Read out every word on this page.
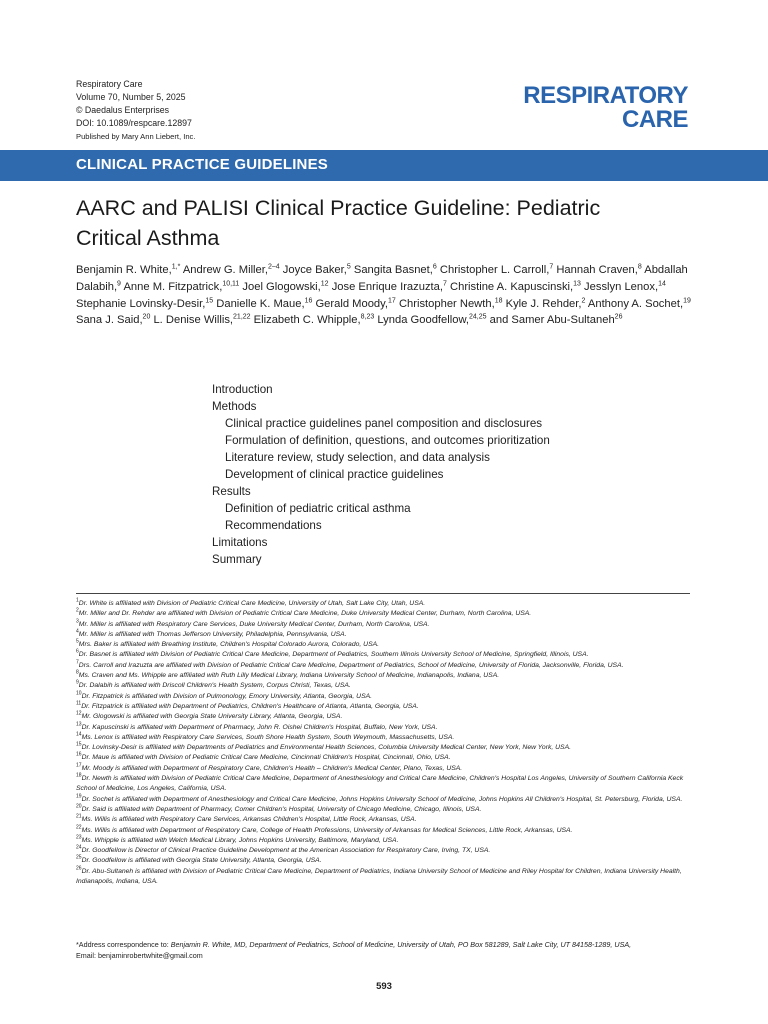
Respiratory Care
Volume 70, Number 5, 2025
© Daedalus Enterprises
DOI: 10.1089/respcare.12897
Published by Mary Ann Liebert, Inc.
RESPIRATORY
CARE
CLINICAL PRACTICE GUIDELINES
AARC and PALISI Clinical Practice Guideline: Pediatric
Critical Asthma
Benjamin R. White,$^{1,*}$ Andrew G. Miller,$^{2-4}$ Joyce Baker,$^5$ Sangita Basnet,$^6$ Christopher L. Carroll,$^7$ Hannah Craven,$^8$ Abdallah Dalabih,$^9$ Anne M. Fitzpatrick,$^{10,11}$ Joel Glogowski,$^{12}$ Jose Enrique Irazuzta,$^7$ Christine A. Kapuscinski,$^{13}$ Jesslyn Lenox,$^{14}$ Stephanie Lovinsky-Desir,$^{15}$ Danielle K. Maue,$^{16}$ Gerald Moody,$^{17}$ Christopher Newth,$^{18}$ Kyle J. Rehder,$^2$ Anthony A. Sochet,$^{19}$ Sana J. Said,$^{20}$ L. Denise Willis,$^{21,22}$ Elizabeth C. Whipple,$^{8,23}$ Lynda Goodfellow,$^{24,25}$ and Samer Abu-Sultaneh$^{26}$
Introduction
Methods
Clinical practice guidelines panel composition and disclosures
Formulation of definition, questions, and outcomes prioritization
Literature review, study selection, and data analysis
Development of clinical practice guidelines
Results
Definition of pediatric critical asthma
Recommendations
Limitations
Summary
$^1$Dr. White is affiliated with Division of Pediatric Critical Care Medicine, University of Utah, Salt Lake City, Utah, USA.
$^2$Mr. Miller and Dr. Rehder are affiliated with Division of Pediatric Critical Care Medicine, Duke University Medical Center, Durham, North Carolina, USA.
$^3$Mr. Miller is affiliated with Respiratory Care Services, Duke University Medical Center, Durham, North Carolina, USA.
$^4$Mr. Miller is affiliated with Thomas Jefferson University, Philadelphia, Pennsylvania, USA.
$^5$Mrs. Baker is affiliated with Breathing Institute, Children's Hospital Colorado Aurora, Colorado, USA.
$^6$Dr. Basnet is affiliated with Division of Pediatric Critical Care Medicine, Department of Pediatrics, Southern Illinois University School of Medicine, Springfield, Illinois, USA.
$^7$Drs. Carroll and Irazuzta are affiliated with Division of Pediatric Critical Care Medicine, Department of Pediatrics, School of Medicine, University of Florida, Jacksonville, Florida, USA.
$^8$Ms. Craven and Ms. Whipple are affiliated with Ruth Lilly Medical Library, Indiana University School of Medicine, Indianapolis, Indiana, USA.
$^9$Dr. Dalabih is affiliated with Driscoll Children's Health System, Corpus Christi, Texas, USA.
$^{10}$Dr. Fitzpatrick is affiliated with Division of Pulmonology, Emory University, Atlanta, Georgia, USA.
$^{11}$Dr. Fitzpatrick is affiliated with Department of Pediatrics, Children's Healthcare of Atlanta, Atlanta, Georgia, USA.
$^{12}$Mr. Glogowski is affiliated with Georgia State University Library, Atlanta, Georgia, USA.
$^{13}$Dr. Kapuscinski is affiliated with Department of Pharmacy, John R. Oishei Children's Hospital, Buffalo, New York, USA.
$^{14}$Ms. Lenox is affiliated with Respiratory Care Services, South Shore Health System, South Weymouth, Massachusetts, USA.
$^{15}$Dr. Lovinsky-Desir is affiliated with Departments of Pediatrics and Environmental Health Sciences, Columbia University Medical Center, New York, New York, USA.
$^{16}$Dr. Maue is affiliated with Division of Pediatric Critical Care Medicine, Cincinnati Children's Hospital, Cincinnati, Ohio, USA.
$^{17}$Mr. Moody is affiliated with Department of Respiratory Care, Children's Health – Children's Medical Center, Plano, Texas, USA.
$^{18}$Dr. Newth is affiliated with Division of Pediatric Critical Care Medicine, Department of Anesthesiology and Critical Care Medicine, Children's Hospital Los Angeles, University of Southern California Keck School of Medicine, Los Angeles, California, USA.
$^{19}$Dr. Sochet is affiliated with Department of Anesthesiology and Critical Care Medicine, Johns Hopkins University School of Medicine, Johns Hopkins All Children's Hospital, St. Petersburg, Florida, USA.
$^{20}$Dr. Said is affiliated with Department of Pharmacy, Comer Children's Hospital, University of Chicago Medicine, Chicago, Illinois, USA.
$^{21}$Ms. Willis is affiliated with Respiratory Care Services, Arkansas Children's Hospital, Little Rock, Arkansas, USA.
$^{22}$Ms. Willis is affiliated with Department of Respiratory Care, College of Health Professions, University of Arkansas for Medical Sciences, Little Rock, Arkansas, USA.
$^{23}$Ms. Whipple is affiliated with Welch Medical Library, Johns Hopkins University, Baltimore, Maryland, USA.
$^{24}$Dr. Goodfellow is Director of Clinical Practice Guideline Development at the American Association for Respiratory Care, Irving, TX, USA.
$^{25}$Dr. Goodfellow is affiliated with Georgia State University, Atlanta, Georgia, USA.
$^{26}$Dr. Abu-Sultaneh is affiliated with Division of Pediatric Critical Care Medicine, Department of Pediatrics, Indiana University School of Medicine and Riley Hospital for Children, Indiana University Health, Indianapolis, Indiana, USA.
*Address correspondence to: Benjamin R. White, MD, Department of Pediatrics, School of Medicine, University of Utah, PO Box 581289, Salt Lake City, UT 84158-1289, USA,
Email: benjaminrobertwhite@gmail.com
593
